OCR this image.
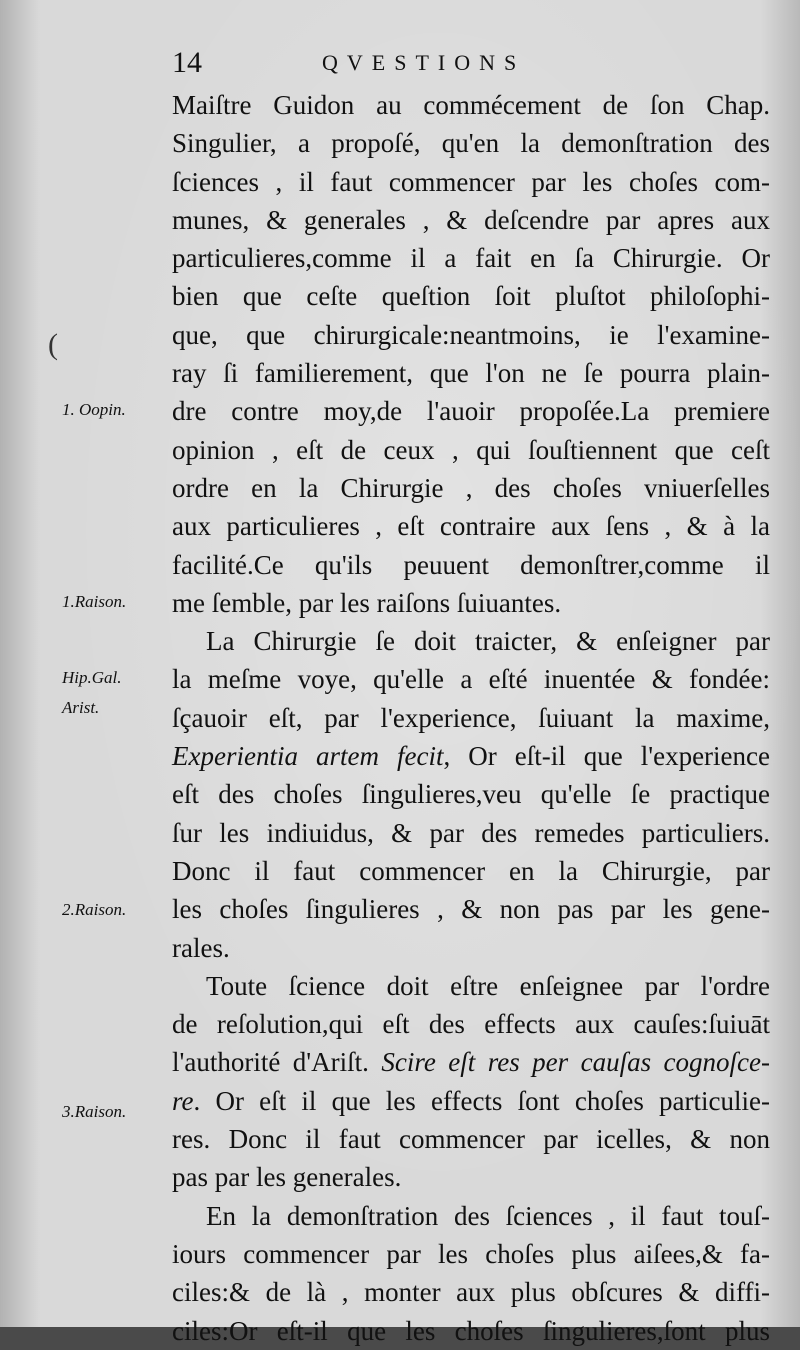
14	QVESTIONS
(
1. Oopin.
1.Raison.
Hip.Gal.
Arist.
2.Raison.
3.Raison.
Maiſtre Guidon au commécement de ſon Chap.
Singulier, a propoſé, qu'en la demonſtration des
ſciences , il faut commencer par les choſes com-
munes, & generales , & deſcendre par apres aux
particulieres,comme il a fait en ſa Chirurgie. Or
bien que ceſte queſtion ſoit pluſtot philoſophi-
que, que chirurgicale:neantmoins, ie l'examine-
ray ſi familierement, que l'on ne ſe pourra plain-
dre contre moy,de l'auoir propoſée.La premiere
opinion , eſt de ceux , qui ſouſtiennent que ceſt
ordre en la Chirurgie , des choſes vniuerſelles
aux particulieres , eſt contraire aux ſens , & à la
facilité.Ce qu'ils peuuent demonſtrer,comme il
me ſemble, par les raiſons ſuiuantes.
La Chirurgie ſe doit traicter, & enſeigner par
la meſme voye, qu'elle a eſté inuentée & fondée:
ſçauoir eſt, par l'experience, ſuiuant la maxime,
Experientia artem fecit, Or eſt-il que l'experience
eſt des choſes ſingulieres,veu qu'elle ſe practique
ſur les indiuidus, & par des remedes particuliers.
Donc il faut commencer en la Chirurgie, par
les choſes ſingulieres , & non pas par les gene-
rales.
Toute ſcience doit eſtre enſeignee par l'ordre
de reſolution,qui eſt des effects aux cauſes:ſuiuāt
l'authorité d'Ariſt. Scire eſt res per cauſas cognoſce-
re. Or eſt il que les effects ſont choſes particulie-
res. Donc il faut commencer par icelles, & non
pas par les generales.
En la demonſtration des ſciences , il faut touſ-
iours commencer par les choſes plus aiſees,& fa-
ciles:& de là , monter aux plus obſcures & diffi-
ciles:Or eſt-il que les choſes ſingulieres,ſont plus
